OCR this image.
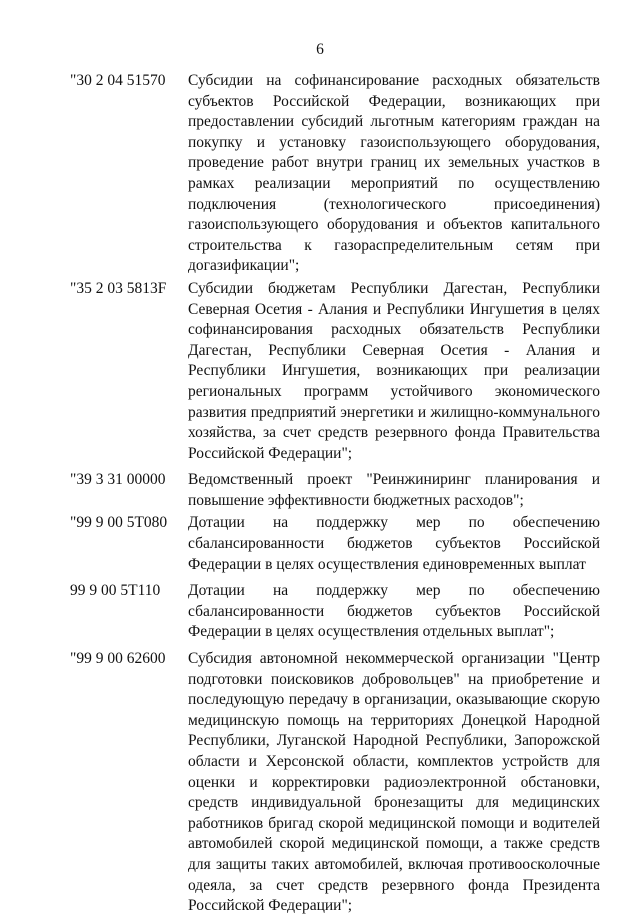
6
"30 2 04 51570	Субсидии на софинансирование расходных обязательств субъектов Российской Федерации, возникающих при предоставлении субсидий льготным категориям граждан на покупку и установку газоиспользующего оборудования, проведение работ внутри границ их земельных участков в рамках реализации мероприятий по осуществлению подключения (технологического присоединения) газоиспользующего оборудования и объектов капитального строительства к газораспределительным сетям при догазификации";
"35 2 03 5813F	Субсидии бюджетам Республики Дагестан, Республики Северная Осетия - Алания и Республики Ингушетия в целях софинансирования расходных обязательств Республики Дагестан, Республики Северная Осетия - Алания и Республики Ингушетия, возникающих при реализации региональных программ устойчивого экономического развития предприятий энергетики и жилищно-коммунального хозяйства, за счет средств резервного фонда Правительства Российской Федерации";
"39 3 31 00000	Ведомственный проект "Реинжиниринг планирования и повышение эффективности бюджетных расходов";
"99 9 00 5Т080	Дотации на поддержку мер по обеспечению сбалансированности бюджетов субъектов Российской Федерации в целях осуществления единовременных выплат
99 9 00 5Т110	Дотации на поддержку мер по обеспечению сбалансированности бюджетов субъектов Российской Федерации в целях осуществления отдельных выплат";
"99 9 00 62600	Субсидия автономной некоммерческой организации "Центр подготовки поисковиков добровольцев" на приобретение и последующую передачу в организации, оказывающие скорую медицинскую помощь на территориях Донецкой Народной Республики, Луганской Народной Республики, Запорожской области и Херсонской области, комплектов устройств для оценки и корректировки радиоэлектронной обстановки, средств индивидуальной бронезащиты для медицинских работников бригад скорой медицинской помощи и водителей автомобилей скорой медицинской помощи, а также средств для защиты таких автомобилей, включая противоосколочные одеяла, за счет средств резервного фонда Президента Российской Федерации";
